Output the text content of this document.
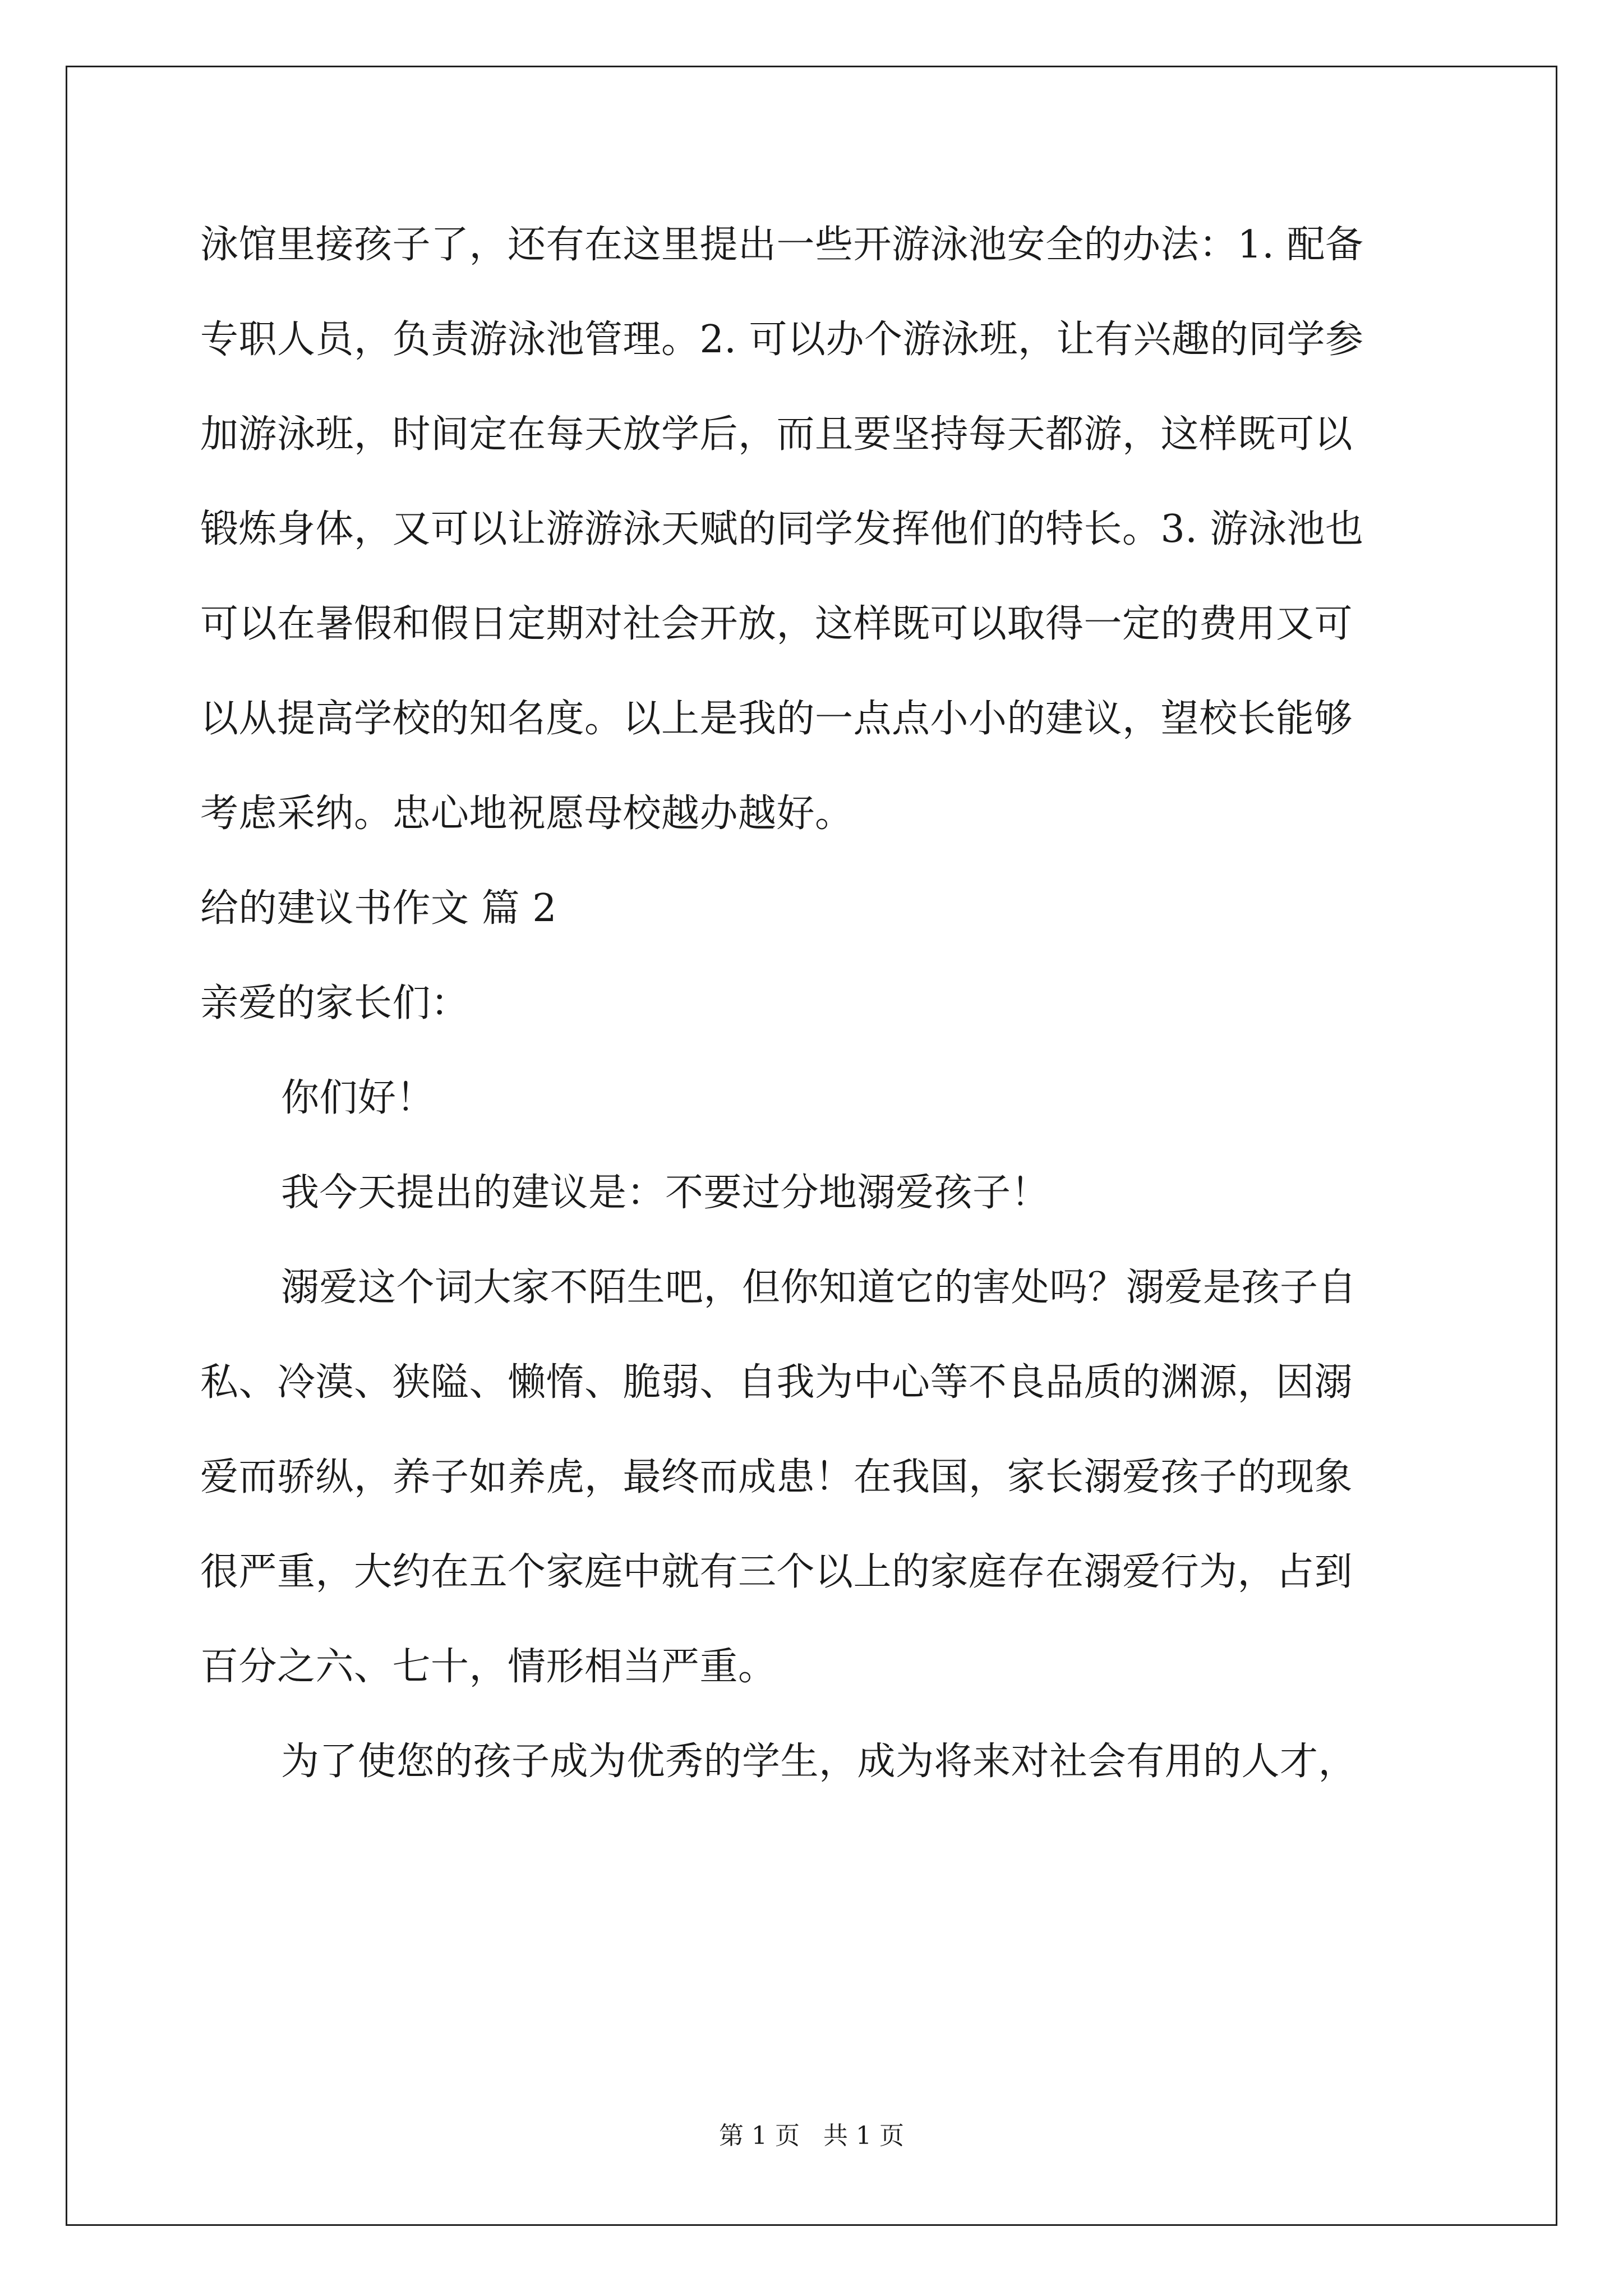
泳馆里接孩子了，还有在这里提出一些开游泳池安全的办法：1. 配备

专职人员，负责游泳池管理。2. 可以办个游泳班，让有兴趣的同学参

加游泳班，时间定在每天放学后，而且要坚持每天都游，这样既可以

锻炼身体，又可以让游游泳天赋的同学发挥他们的特长。3. 游泳池也

可以在暑假和假日定期对社会开放，这样既可以取得一定的费用又可

以从提高学校的知名度。以上是我的一点点小小的建议，望校长能够

考虑采纳。忠心地祝愿母校越办越好。

给的建议书作文 篇 2

亲爱的家长们：

你们好！

我今天提出的建议是：不要过分地溺爱孩子！

溺爱这个词大家不陌生吧，但你知道它的害处吗？溺爱是孩子自

私、冷漠、狭隘、懒惰、脆弱、自我为中心等不良品质的渊源，因溺

爱而骄纵，养子如养虎，最终而成患！在我国，家长溺爱孩子的现象

很严重，大约在五个家庭中就有三个以上的家庭存在溺爱行为，占到

百分之六、七十，情形相当严重。

为了使您的孩子成为优秀的学生，成为将来对社会有用的人才，

第 1 页   共 1 页
